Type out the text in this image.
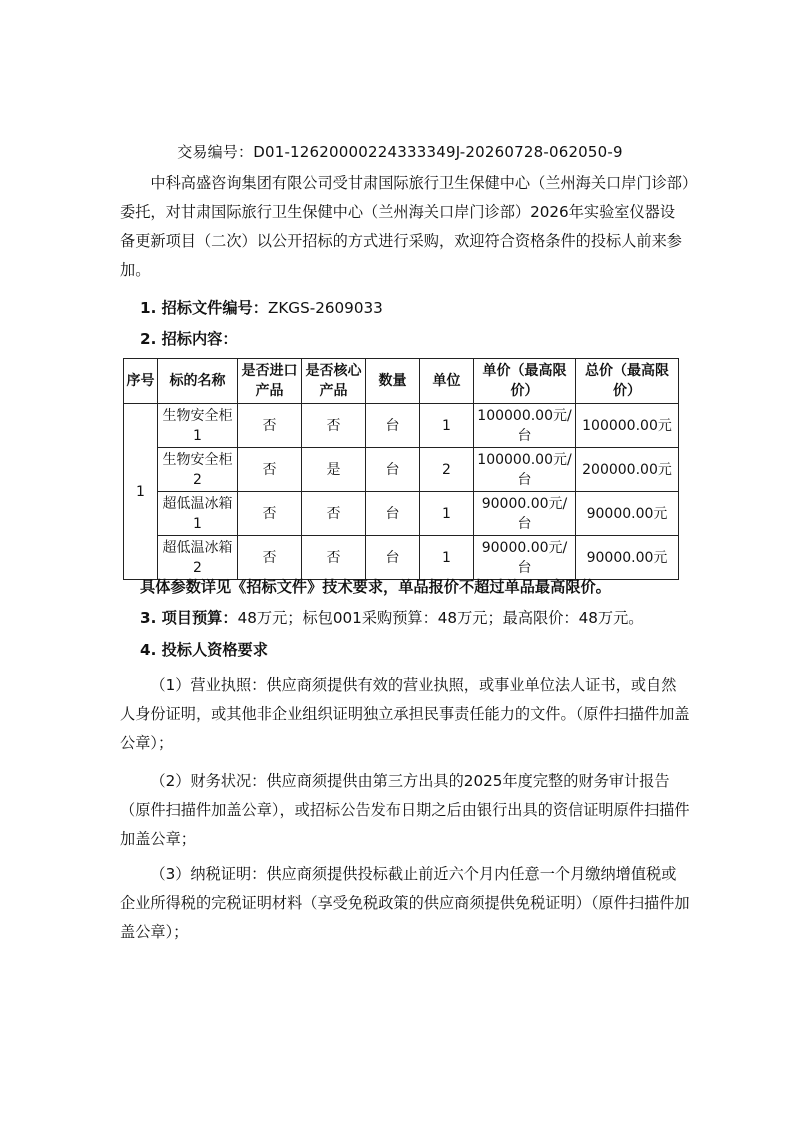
交易编号：D01-12620000224333349J-20260728-062050-9
中科高盛咨询集团有限公司受甘肃国际旅行卫生保健中心（兰州海关口岸门诊部）委托，对甘肃国际旅行卫生保健中心（兰州海关口岸门诊部）2026年实验室仪器设备更新项目（二次）以公开招标的方式进行采购，欢迎符合资格条件的投标人前来参加。
1. 招标文件编号：ZKGS-2609033
2. 招标内容：
序号	标的名称	是否进口产品	是否核心产品	数量	单位	单价（最高限价）	总价（最高限价）
1	生物安全柜1	否	否	台	1	100000.00元/台	100000.00元
	生物安全柜2	否	是	台	2	100000.00元/台	200000.00元
	超低温冰箱1	否	否	台	1	90000.00元/台	90000.00元
	超低温冰箱2	否	否	台	1	90000.00元/台	90000.00元
具体参数详见《招标文件》技术要求，单品报价不超过单品最高限价。
3. 项目预算：48万元；标包001采购预算：48万元；最高限价：48万元。
4. 投标人资格要求
（1）营业执照：供应商须提供有效的营业执照，或事业单位法人证书，或自然人身份证明，或其他非企业组织证明独立承担民事责任能力的文件。（原件扫描件加盖公章）；
（2）财务状况：供应商须提供由第三方出具的2025年度完整的财务审计报告（原件扫描件加盖公章），或招标公告发布日期之后由银行出具的资信证明原件扫描件加盖公章；
（3）纳税证明：供应商须提供投标截止前近六个月内任意一个月缴纳增值税或企业所得税的完税证明材料（享受免税政策的供应商须提供免税证明）（原件扫描件加盖公章）；
